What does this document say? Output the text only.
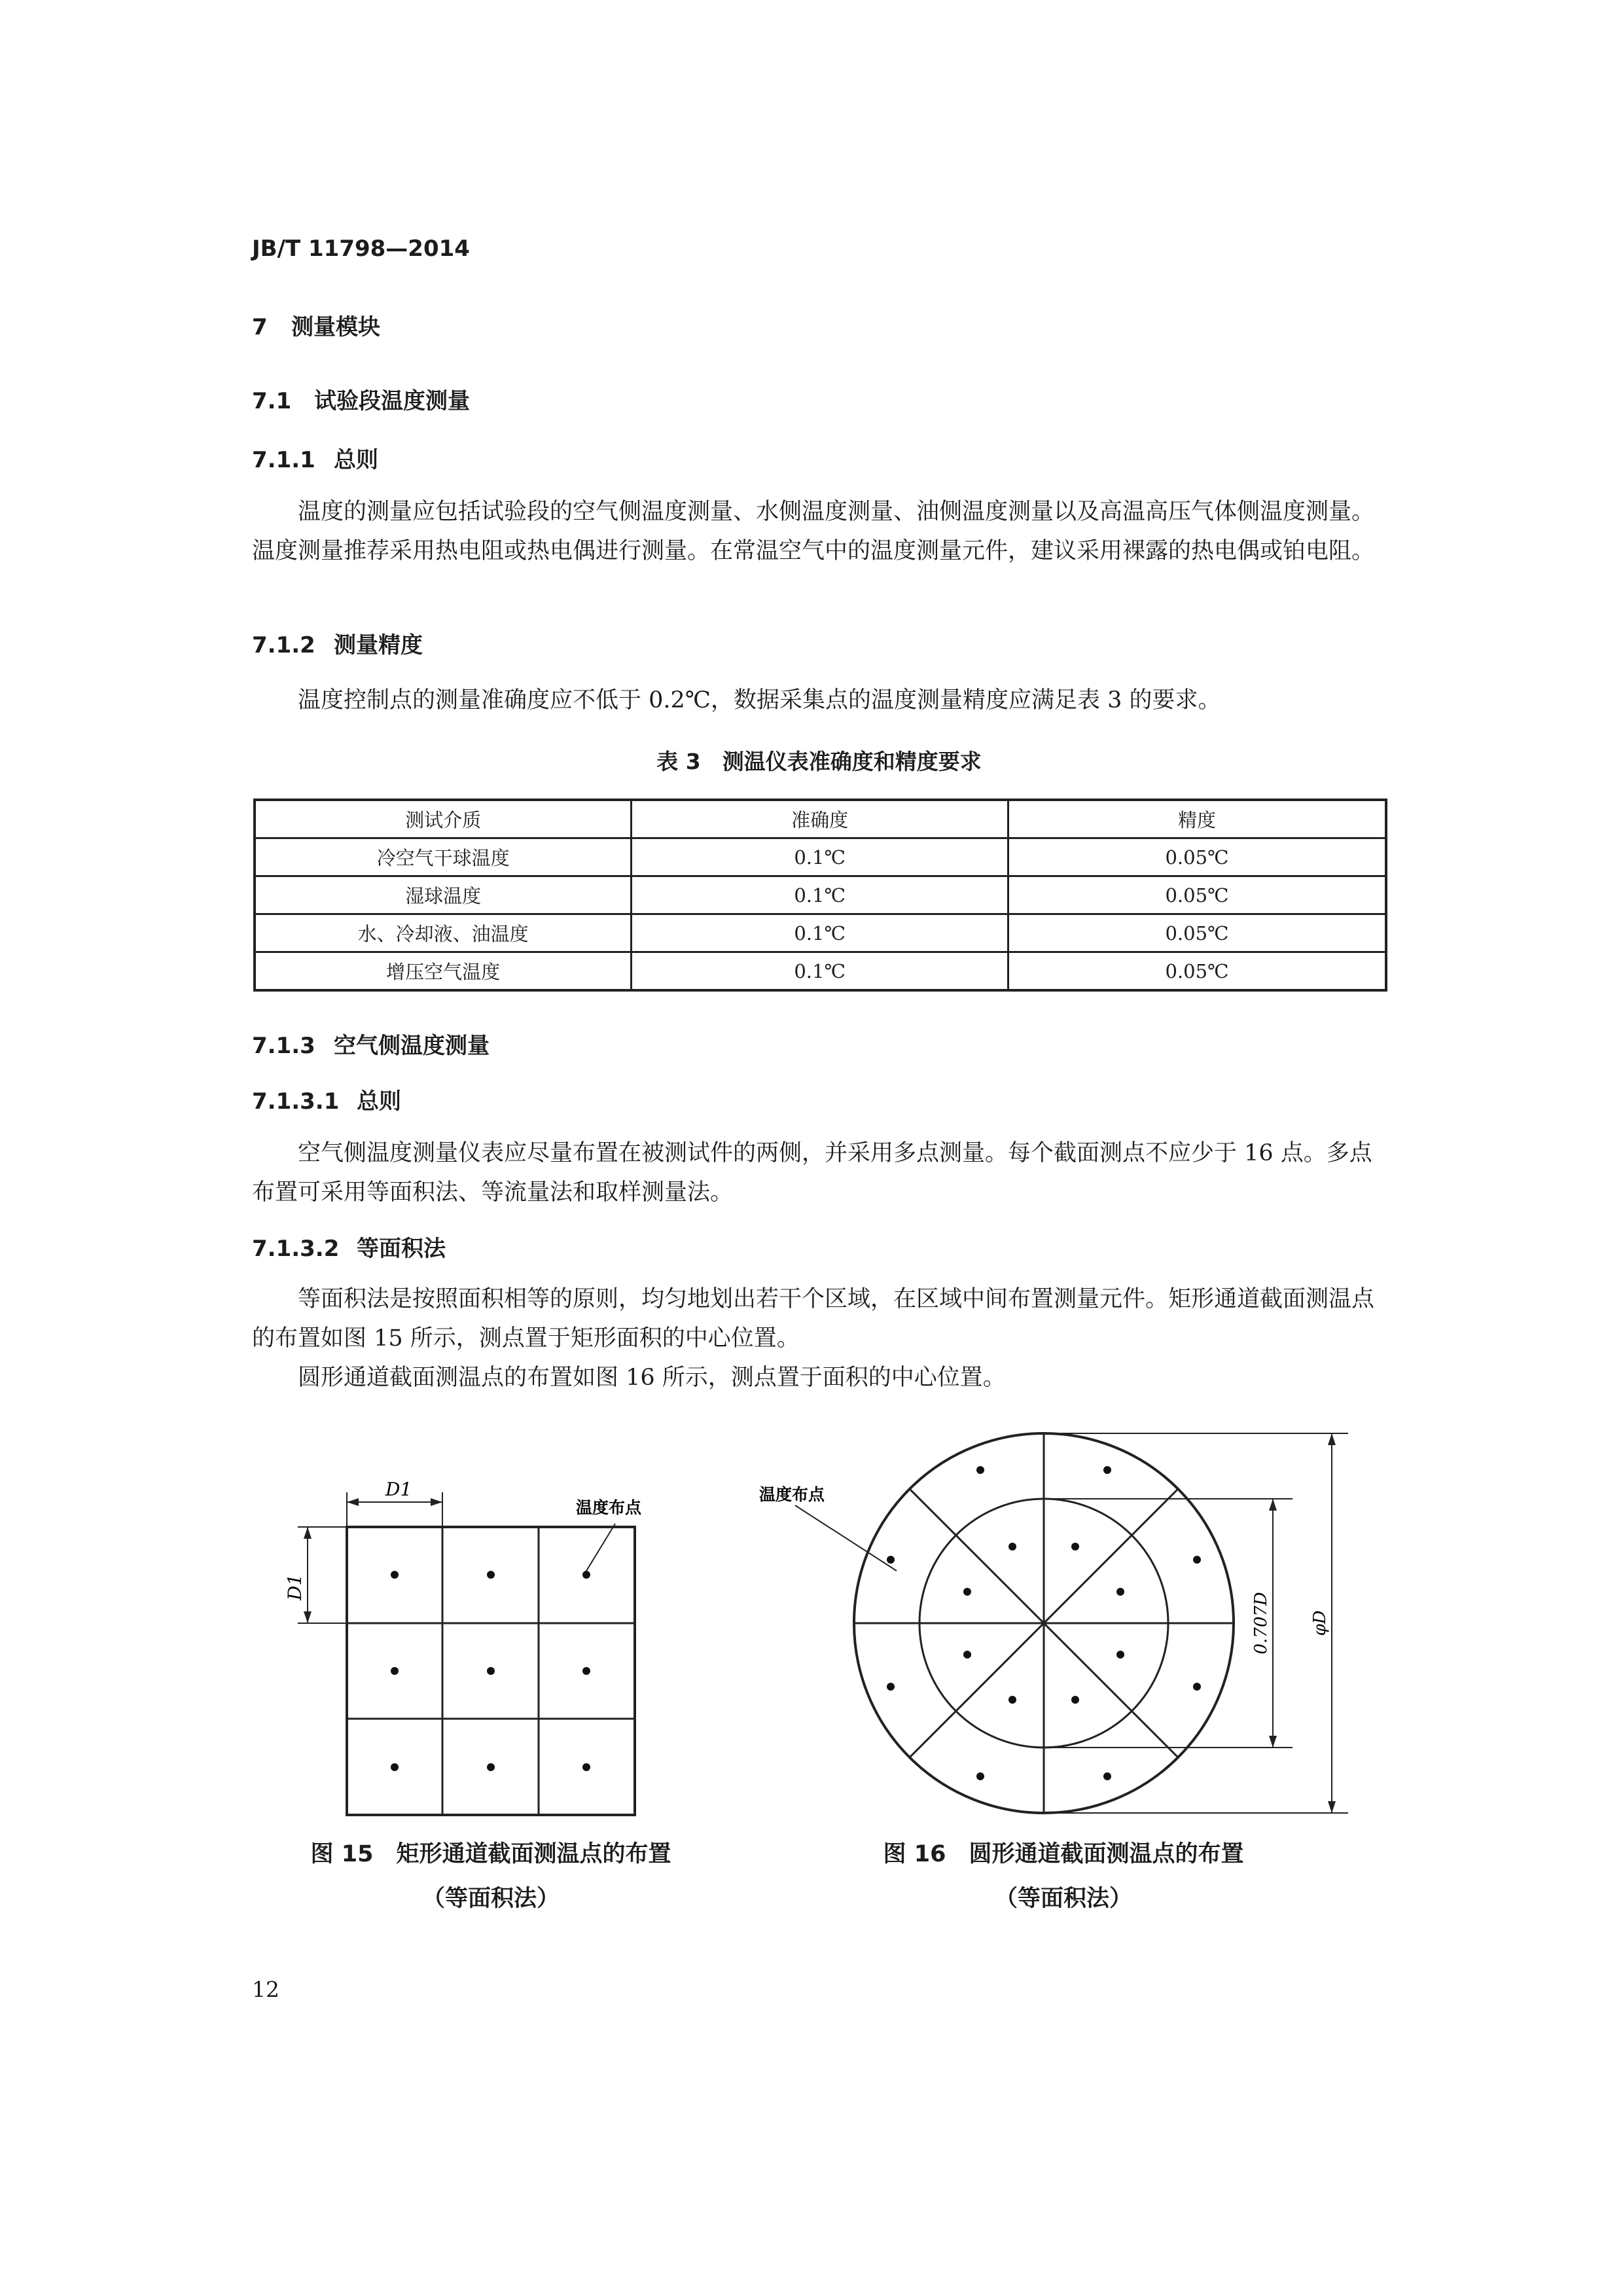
JB/T 11798—2014
7 测量模块
7.1 试验段温度测量
7.1.1 总则

温度的测量应包括试验段的空气侧温度测量、水侧温度测量、油侧温度测量以及高温高压气体侧温度测量。温度测量推荐采用热电阻或热电偶进行测量。在常温空气中的温度测量元件，建议采用裸露的热电偶或铂电阻。

7.1.2 测量精度

温度控制点的测量准确度应不低于 0.2℃，数据采集点的温度测量精度应满足表 3 的要求。

表 3　测温仪表准确度和精度要求
测试介质	准确度	精度
冷空气干球温度	0.1℃	0.05℃
湿球温度	0.1℃	0.05℃
水、冷却液、油温度	0.1℃	0.05℃
增压空气温度	0.1℃	0.05℃
7.1.3 空气侧温度测量
7.1.3.1 总则

空气侧温度测量仪表应尽量布置在被测试件的两侧，并采用多点测量。每个截面测点不应少于 16 点。多点布置可采用等面积法、等流量法和取样测量法。

7.1.3.2 等面积法

等面积法是按照面积相等的原则，均匀地划出若干个区域，在区域中间布置测量元件。矩形通道截面测温点的布置如图 15 所示，测点置于矩形面积的中心位置。

圆形通道截面测温点的布置如图 16 所示，测点置于面积的中心位置。

D1
D1
温度布点
温度布点
0.707D φD
图 15　矩形通道截面测温点的布置
（等面积法）
图 16　圆形通道截面测温点的布置
（等面积法）
12
